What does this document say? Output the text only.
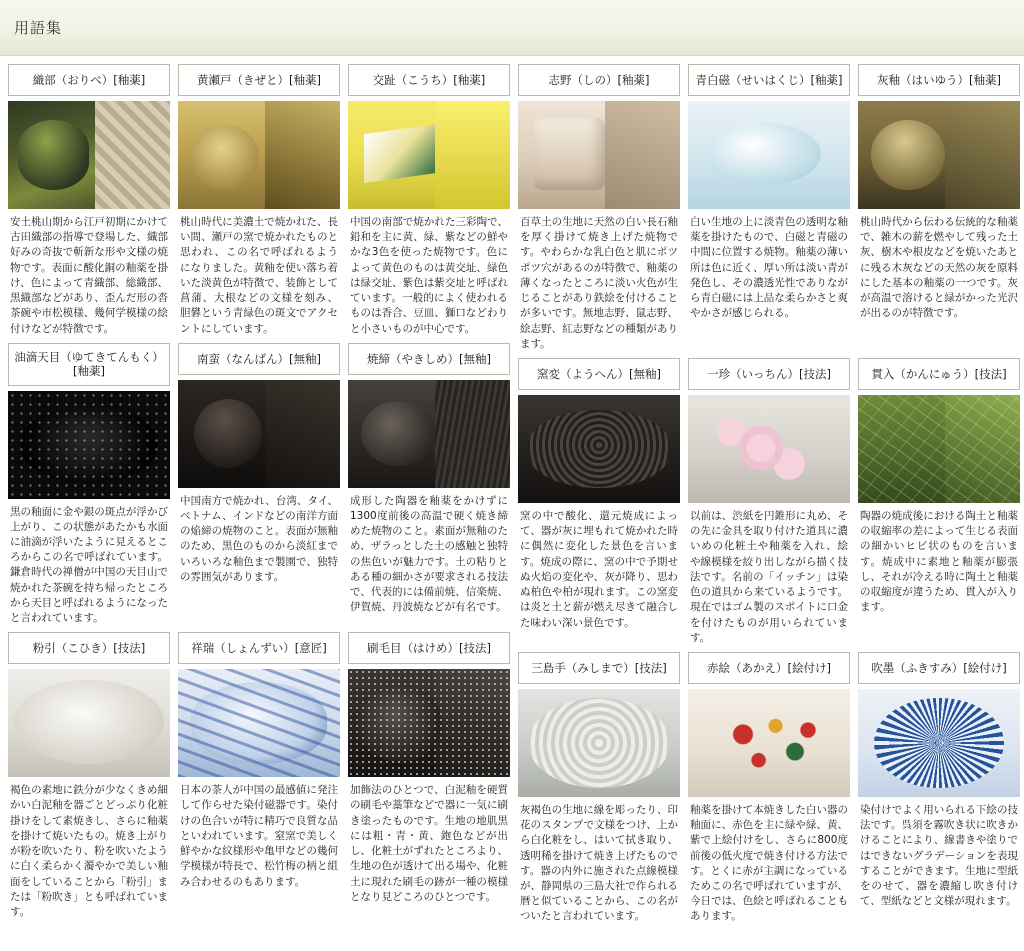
用語集
織部（おりべ）[釉薬]
安土桃山期から江戸初期にかけて古田織部の指導で登場した、織部好みの奇抜で斬新な形や文様の焼物です。表面に酸化銅の釉薬を掛け、色によって青織部、総織部、黒織部などがあり、歪んだ形の沓茶碗や市松模様、幾何学模様の絵付けなどが特徴です。
黄瀬戸（きぜと）[釉薬]
桃山時代に美濃土で焼かれた、長い間、瀬戸の窯で焼かれたものと思われ、この名で呼ばれるようになりました。黄釉を使い落ち着いた淡黄色が特徴で、装飾として菖蒲、大根などの文様を刻み、胆礬という青緑色の斑文でアクセントにしています。
交趾（こうち）[釉薬]
中国の南部で焼かれた三彩陶で、鉛和を主に黄、緑、紫などの鮮やかな3色を使った焼物です。色によって黄色のものは黄交址、緑色は緑交址、紫色は紫交址と呼ばれています。一般的によく使われるものは香合、豆皿、獅口などわりと小さいものが中心です。
油滴天目（ゆてきてんもく）[釉薬]
黒の釉面に金や銀の斑点が浮かび上がり、この状態があたかも水面に油滴が浮いたように見えるところからこの名で呼ばれています。鎌倉時代の禅僧が中国の天目山で焼かれた茶碗を持ち帰ったところから天目と呼ばれるようになったと言われています。
南蛮（なんばん）[無釉]
中国南方で焼かれ、台湾、タイ、ベトナム、インドなどの南洋方面の焔締の焼物のこと。表面が無釉のため、黒色のものから淡紅までいろいろな釉色まで製園で、独特の雰囲気があります。
焼締（やきしめ）[無釉]
成形した陶器を釉薬をかけずに1300度前後の高温で硬く焼き締めた焼物のこと。素面が無釉のため、ザラっとした土の感触と独特の焦色いが魅力です。土の粘りとある種の細かさが要求される技法で、代表的には備前焼、信楽焼、伊賀焼、丹波焼などが有名です。
粉引（こひき）[技法]
褐色の素地に鉄分が少なくきめ細かい白泥釉を器ごとどっぷり化粧掛けをして素焼きし、さらに釉薬を掛けて焼いたもの。焼き上がりが粉を吹いたり、粉を吹いたように白く柔らかく濁やかで美しい釉面をしていることから「粉引」または「粉吹き」とも呼ばれています。
祥瑞（しょんずい）[意匠]
日本の茶人が中国の最感値に発注して作らせた染付磁器です。染付けの色合いが特に精巧で良質な品といわれています。窒窯で美しく鮮やかな紋様形や亀甲などの幾何学模様が特長で、松竹梅の柄と組み合わせるのもあります。
刷毛目（はけめ）[技法]
加飾法のひとつで、白泥釉を硬質の刷毛や藁筆などで器に一気に刷き塗ったものです。生地の地肌黒には粗・青・黄、鉋色などが出し、化粧土がずれたところより、生地の色が透けて出る場や、化粧土に現れた刷毛の跡が一種の模様となり見どころのひとつです。
志野（しの）[釉薬]
百草土の生地に天然の白い長石釉を厚く掛けて焼き上げた焼物です。やわらかな乳白色と肌にポツポツ穴があるのが特徴で、釉薬の薄くなったところに淡い火色が生じることがあり鉄絵を付けることが多いです。無地志野、鼠志野、絵志野、紅志野などの種類があります。
青白磁（せいはくじ）[釉薬]
白い生地の上に淡青色の透明な釉薬を掛けたもので、白磁と青磁の中間に位置する焼物。釉薬の薄い所は色に近く、厚い所は淡い青が発色し、その濃透光性でありながら青白磁には上品な柔らかさと爽やかさが感じられる。
灰釉（はいゆう）[釉薬]
桃山時代から伝わる伝統的な釉薬で、雑木の薪を燃やして残った土灰、樹木や根皮などを焼いたあとに残る木灰などの天然の灰を原料にした基本の釉薬の一つです。灰が高温で溶けると緑がかった光沢が出るのが特徴です。
窯変（ようへん）[無釉]
窯の中で酸化、還元焼成によって、器が灰に埋もれて焼かれた時に偶然に変化した景色を言います。焼成の際に、窯の中で予期せぬ火焰の変化や、灰が降り、思わぬ柏色や柏が現れます。この窯変は炎と土と薪が燃え尽きて融合した味わい深い景色です。
一珍（いっちん）[技法]
以前は、渋紙を円錐形に丸め、その先に金具を取り付けた道具に濃いめの化粧土や釉薬を入れ、絵や線模様を絞り出しながら描く技法です。名前の「イッチン」は染色の道具から来ているようです。現在ではゴム製のスポイトに口金を付けたものが用いられています。
貫入（かんにゅう）[技法]
陶器の焼成後における陶土と釉薬の収縮率の差によって生じる表面の細かいヒビ状のものを言います。焼成中に素地と釉薬が膨張し、それが冷える時に陶土と釉薬の収縮度が違うため、貫入が入ります。
三島手（みしまで）[技法]
灰褐色の生地に線を彫ったり、印花のスタンプで文様をつけ、上から白化粧をし、はいて拭き取り、透明稀を掛けて焼き上げたものです。器の内外に施された点線模様が、静岡県の三島大社で作られる暦と似ていることから、この名がついたと言われています。
赤絵（あかえ）[絵付け]
釉薬を掛けて本焼きした白い器の釉面に、赤色を主に緑や緑、黄、紫で上絵付けをし、さらに800度前後の低火度で焼き付ける方法です。とくに赤が主調になっているためこの名で呼ばれていますが、今日では、色絵と呼ばれることもあります。
吹墨（ふきすみ）[絵付け]
染付けでよく用いられる下絵の技法です。呉須を霧吹き状に吹きかけることにより、線書きや塗りではできないグラデーションを表現することができます。生地に型紙をのせて、器を濃縮し吹き付けて、型紙などと文様が現れます。
